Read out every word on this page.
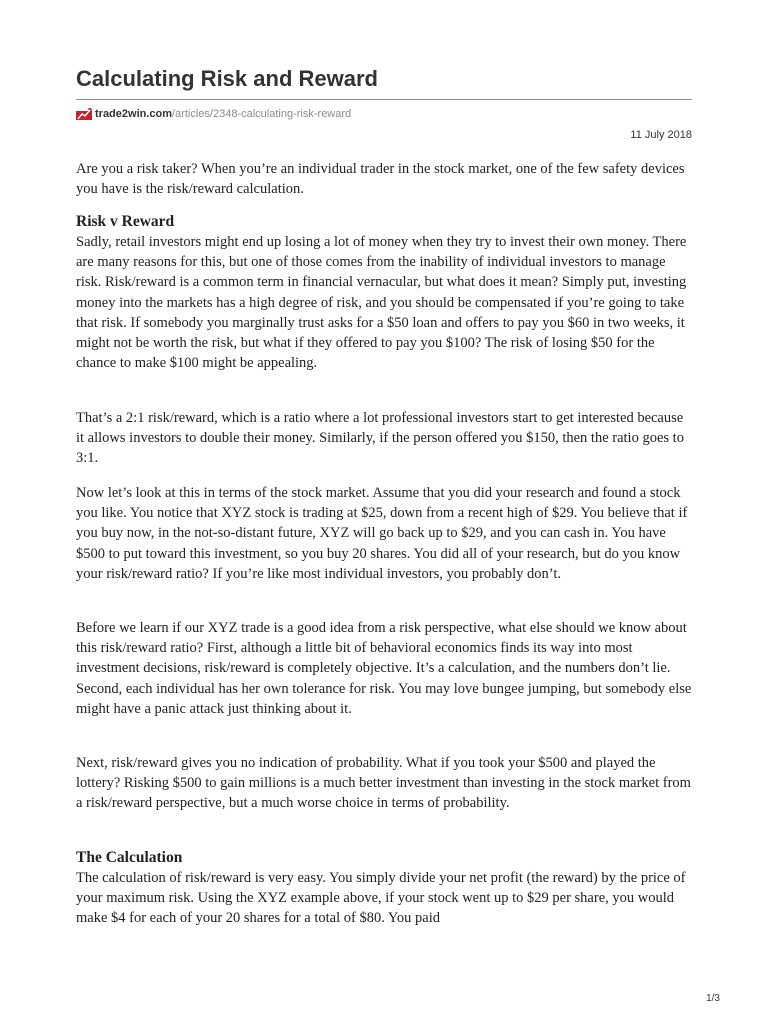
Calculating Risk and Reward
trade2win.com /articles/2348-calculating-risk-reward
11 July 2018

Are you a risk taker? When you’re an individual trader in the stock market, one of the few safety devices you have is the risk/reward calculation.

Risk v Reward

Sadly, retail investors might end up losing a lot of money when they try to invest their own money. There are many reasons for this, but one of those comes from the inability of individual investors to manage risk. Risk/reward is a common term in financial vernacular, but what does it mean? Simply put, investing money into the markets has a high degree of risk, and you should be compensated if you’re going to take that risk. If somebody you marginally trust asks for a $50 loan and offers to pay you $60 in two weeks, it might not be worth the risk, but what if they offered to pay you $100? The risk of losing $50 for the chance to make $100 might be appealing.

That’s a 2:1 risk/reward, which is a ratio where a lot professional investors start to get interested because it allows investors to double their money. Similarly, if the person offered you $150, then the ratio goes to 3:1.

Now let’s look at this in terms of the stock market. Assume that you did your research and found a stock you like. You notice that XYZ stock is trading at $25, down from a recent high of $29. You believe that if you buy now, in the not-so-distant future, XYZ will go back up to $29, and you can cash in. You have $500 to put toward this investment, so you buy 20 shares. You did all of your research, but do you know your risk/reward ratio? If you’re like most individual investors, you probably don’t.

Before we learn if our XYZ trade is a good idea from a risk perspective, what else should we know about this risk/reward ratio? First, although a little bit of behavioral economics finds its way into most investment decisions, risk/reward is completely objective. It’s a calculation, and the numbers don’t lie. Second, each individual has her own tolerance for risk. You may love bungee jumping, but somebody else might have a panic attack just thinking about it.

Next, risk/reward gives you no indication of probability. What if you took your $500 and played the lottery? Risking $500 to gain millions is a much better investment than investing in the stock market from a risk/reward perspective, but a much worse choice in terms of probability.

The Calculation

The calculation of risk/reward is very easy. You simply divide your net profit (the reward) by the price of your maximum risk. Using the XYZ example above, if your stock went up to $29 per share, you would make $4 for each of your 20 shares for a total of $80. You paid

1/3
